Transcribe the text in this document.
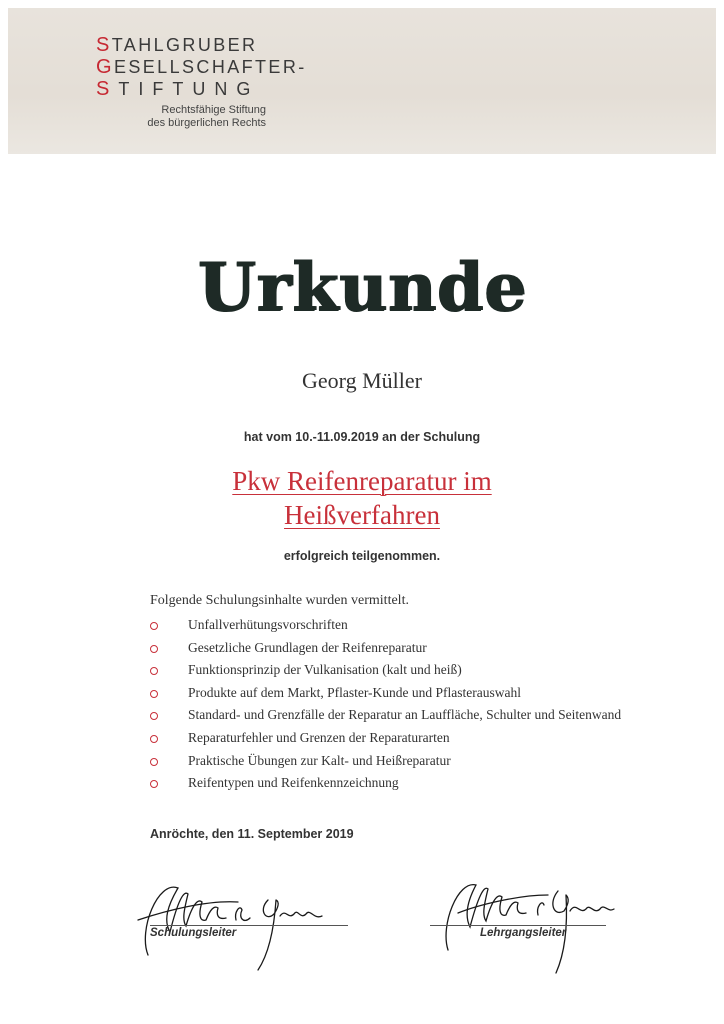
STAHLGRUBER
GESELLSCHAFTER-
STIFTUNG
Rechtsfähige Stiftung
des bürgerlichen Rechts
Urkunde
Georg Müller
hat vom 10.-11.09.2019 an der Schulung
Pkw Reifenreparatur im
Heißverfahren
erfolgreich teilgenommen.
Folgende Schulungsinhalte wurden vermittelt.
Unfallverhütungsvorschriften
Gesetzliche Grundlagen der Reifenreparatur
Funktionsprinzip der Vulkanisation (kalt und heiß)
Produkte auf dem Markt, Pflaster-Kunde und Pflasterauswahl
Standard- und Grenzfälle der Reparatur an Lauffläche, Schulter und Seitenwand
Reparaturfehler und Grenzen der Reparaturarten
Praktische Übungen zur Kalt- und Heißreparatur
Reifentypen und Reifenkennzeichnung
Anröchte, den 11. September 2019
Schulungsleiter	Lehrgangsleiter
